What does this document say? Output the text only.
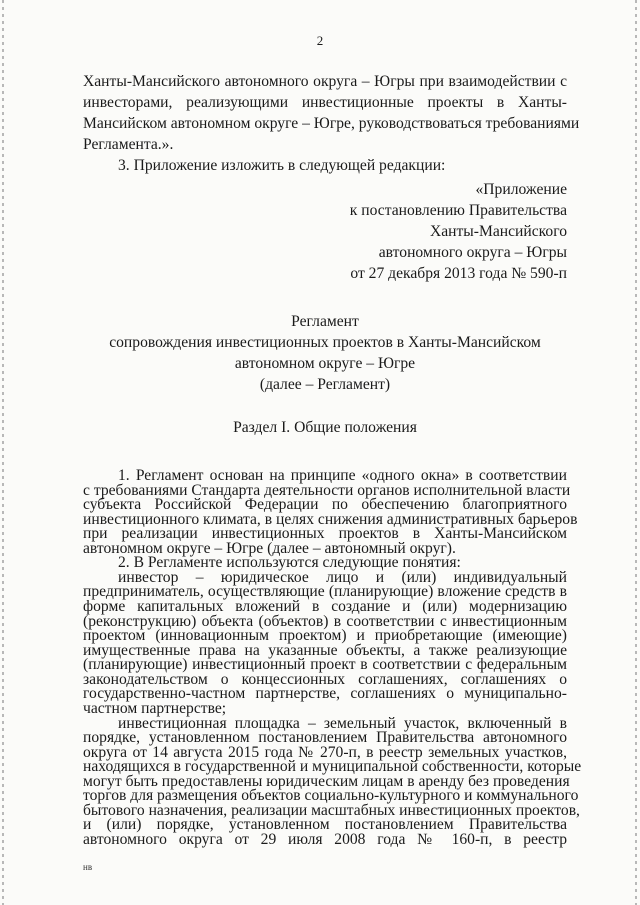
2
Ханты-Мансийского автономного округа – Югры при взаимодействии с
инвесторами, реализующими инвестиционные проекты в Ханты-
Мансийском автономном округе – Югре, руководствоваться требованиями
Регламента.».
3. Приложение изложить в следующей редакции:
«Приложение
к постановлению Правительства
Ханты-Мансийского
автономного округа – Югры
от 27 декабря 2013 года № 590-п
Регламент
сопровождения инвестиционных проектов в Ханты-Мансийском
автономном округе – Югре
(далее – Регламент)
Раздел I. Общие положения
1. Регламент основан на принципе «одного окна» в соответствии
с требованиями Стандарта деятельности органов исполнительной власти
субъекта Российской Федерации по обеспечению благоприятного
инвестиционного климата, в целях снижения административных барьеров
при реализации инвестиционных проектов в Ханты-Мансийском
автономном округе – Югре (далее – автономный округ).
2. В Регламенте используются следующие понятия:
инвестор – юридическое лицо и (или) индивидуальный
предприниматель, осуществляющие (планирующие) вложение средств в
форме капитальных вложений в создание и (или) модернизацию
(реконструкцию) объекта (объектов) в соответствии с инвестиционным
проектом (инновационным проектом) и приобретающие (имеющие)
имущественные права на указанные объекты, а также реализующие
(планирующие) инвестиционный проект в соответствии с федеральным
законодательством о концессионных соглашениях, соглашениях о
государственно-частном партнерстве, соглашениях о муниципально-
частном партнерстве;
нв
инвестиционная площадка – земельный участок, включенный в
порядке, установленном постановлением Правительства автономного
округа от 14 августа 2015 года № 270-п, в реестр земельных участков,
находящихся в государственной и муниципальной собственности, которые
могут быть предоставлены юридическим лицам в аренду без проведения
торгов для размещения объектов социально-культурного и коммунального
бытового назначения, реализации масштабных инвестиционных проектов,
и (или) порядке, установленном постановлением Правительства
автономного округа от 29 июля 2008 года № 160-п, в реестр
